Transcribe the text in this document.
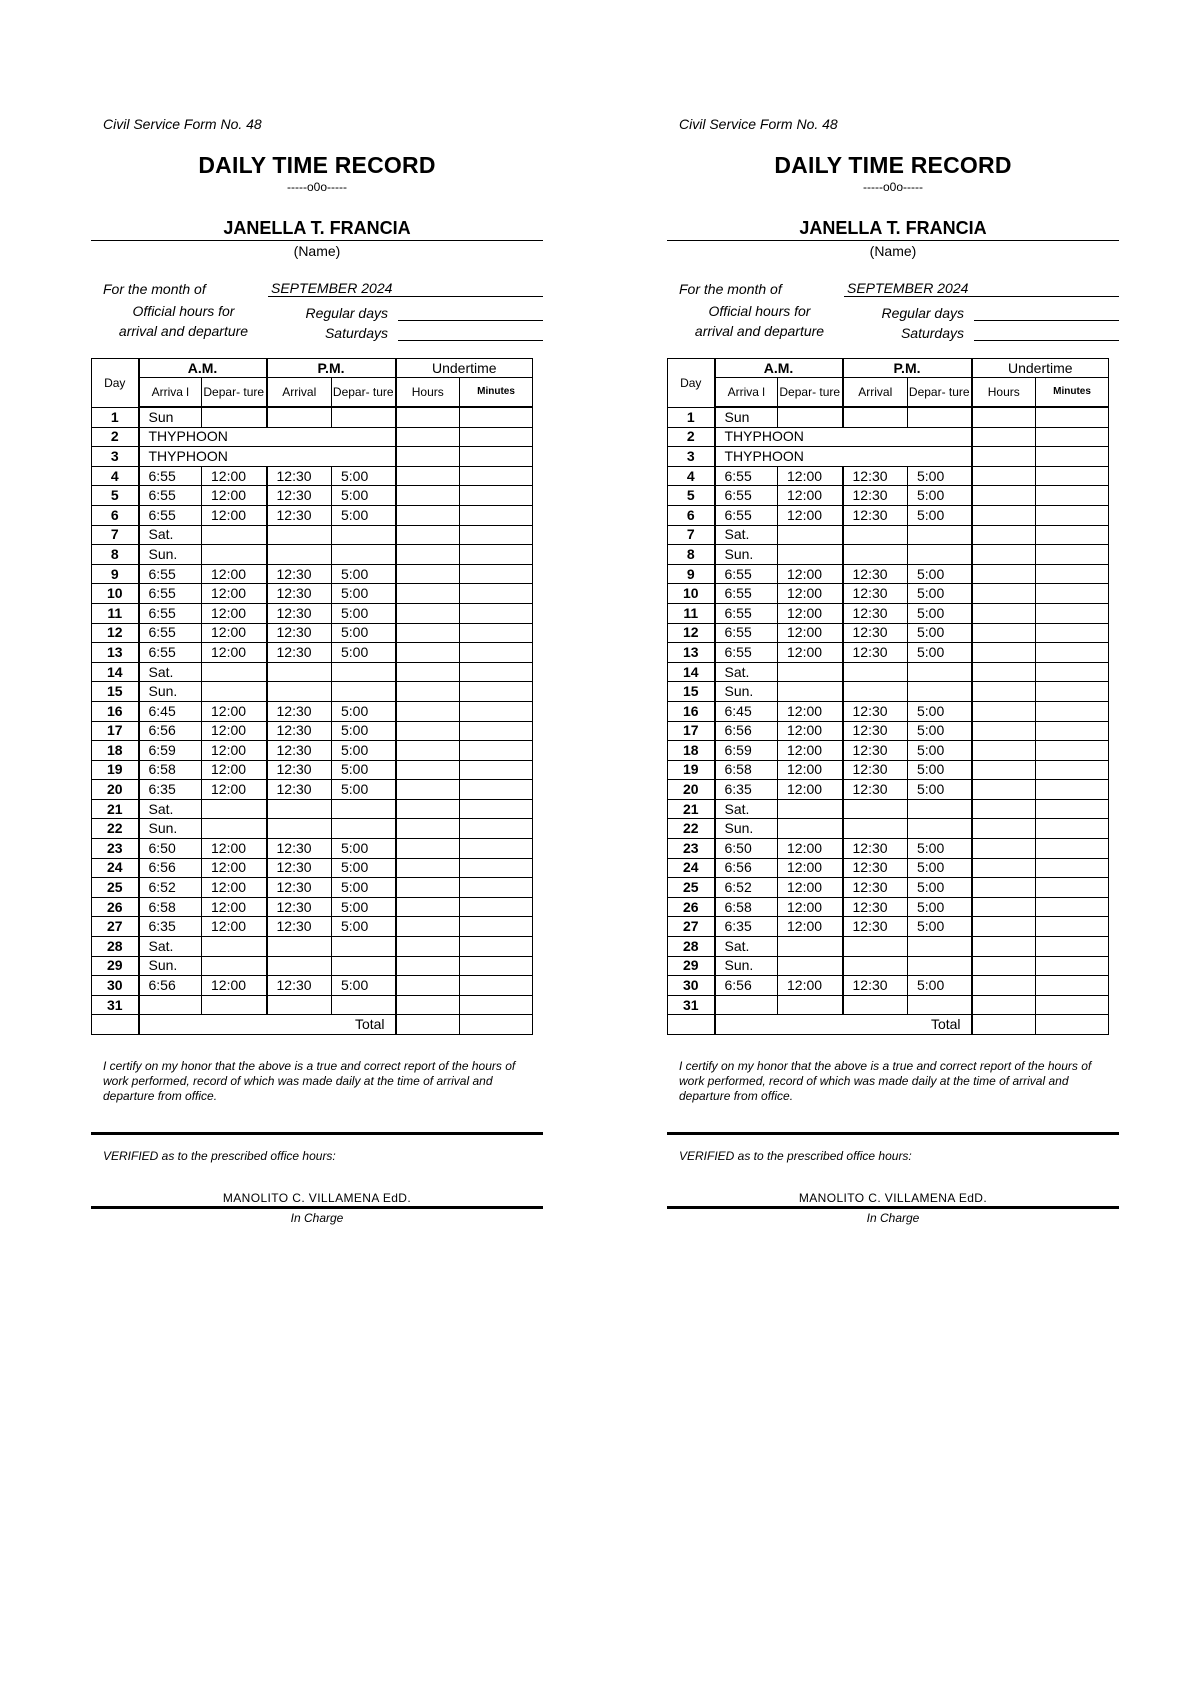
Civil Service Form No. 48
DAILY TIME RECORD
-----o0o-----
JANELLA T. FRANCIA
(Name)
For the month of	SEPTEMBER 2024
Official hours for
arrival and departure
Regular days
Saturdays
Day	A.M.		P.M.		Undertime	
	Arriva l	Depar- ture	Arrival	Depar- ture	Hours	Minutes
1	Sun					
2	THYPHOON					
3	THYPHOON					
4	6:55	12:00	12:30	5:00		
5	6:55	12:00	12:30	5:00		
6	6:55	12:00	12:30	5:00		
7	Sat.					
8	Sun.					
9	6:55	12:00	12:30	5:00		
10	6:55	12:00	12:30	5:00		
11	6:55	12:00	12:30	5:00		
12	6:55	12:00	12:30	5:00		
13	6:55	12:00	12:30	5:00		
14	Sat.					
15	Sun.					
16	6:45	12:00	12:30	5:00		
17	6:56	12:00	12:30	5:00		
18	6:59	12:00	12:30	5:00		
19	6:58	12:00	12:30	5:00		
20	6:35	12:00	12:30	5:00		
21	Sat.					
22	Sun.					
23	6:50	12:00	12:30	5:00		
24	6:56	12:00	12:30	5:00		
25	6:52	12:00	12:30	5:00		
26	6:58	12:00	12:30	5:00		
27	6:35	12:00	12:30	5:00		
28	Sat.					
29	Sun.					
30	6:56	12:00	12:30	5:00		
31						
	Total					
I certify on my honor that the above is a true and correct report of the hours of work performed, record of which was made daily at the time of arrival and departure from office.
VERIFIED as to the prescribed office hours:
MANOLITO C. VILLAMENA EdD.
In Charge
Civil Service Form No. 48
DAILY TIME RECORD
-----o0o-----
JANELLA T. FRANCIA
(Name)
For the month of	SEPTEMBER 2024
Official hours for
arrival and departure
Regular days
Saturdays
Day	A.M.		P.M.		Undertime	
	Arriva l	Depar- ture	Arrival	Depar- ture	Hours	Minutes
1	Sun					
2	THYPHOON					
3	THYPHOON					
4	6:55	12:00	12:30	5:00		
5	6:55	12:00	12:30	5:00		
6	6:55	12:00	12:30	5:00		
7	Sat.					
8	Sun.					
9	6:55	12:00	12:30	5:00		
10	6:55	12:00	12:30	5:00		
11	6:55	12:00	12:30	5:00		
12	6:55	12:00	12:30	5:00		
13	6:55	12:00	12:30	5:00		
14	Sat.					
15	Sun.					
16	6:45	12:00	12:30	5:00		
17	6:56	12:00	12:30	5:00		
18	6:59	12:00	12:30	5:00		
19	6:58	12:00	12:30	5:00		
20	6:35	12:00	12:30	5:00		
21	Sat.					
22	Sun.					
23	6:50	12:00	12:30	5:00		
24	6:56	12:00	12:30	5:00		
25	6:52	12:00	12:30	5:00		
26	6:58	12:00	12:30	5:00		
27	6:35	12:00	12:30	5:00		
28	Sat.					
29	Sun.					
30	6:56	12:00	12:30	5:00		
31						
	Total					
I certify on my honor that the above is a true and correct report of the hours of work performed, record of which was made daily at the time of arrival and departure from office.
VERIFIED as to the prescribed office hours:
MANOLITO C. VILLAMENA EdD.
In Charge
